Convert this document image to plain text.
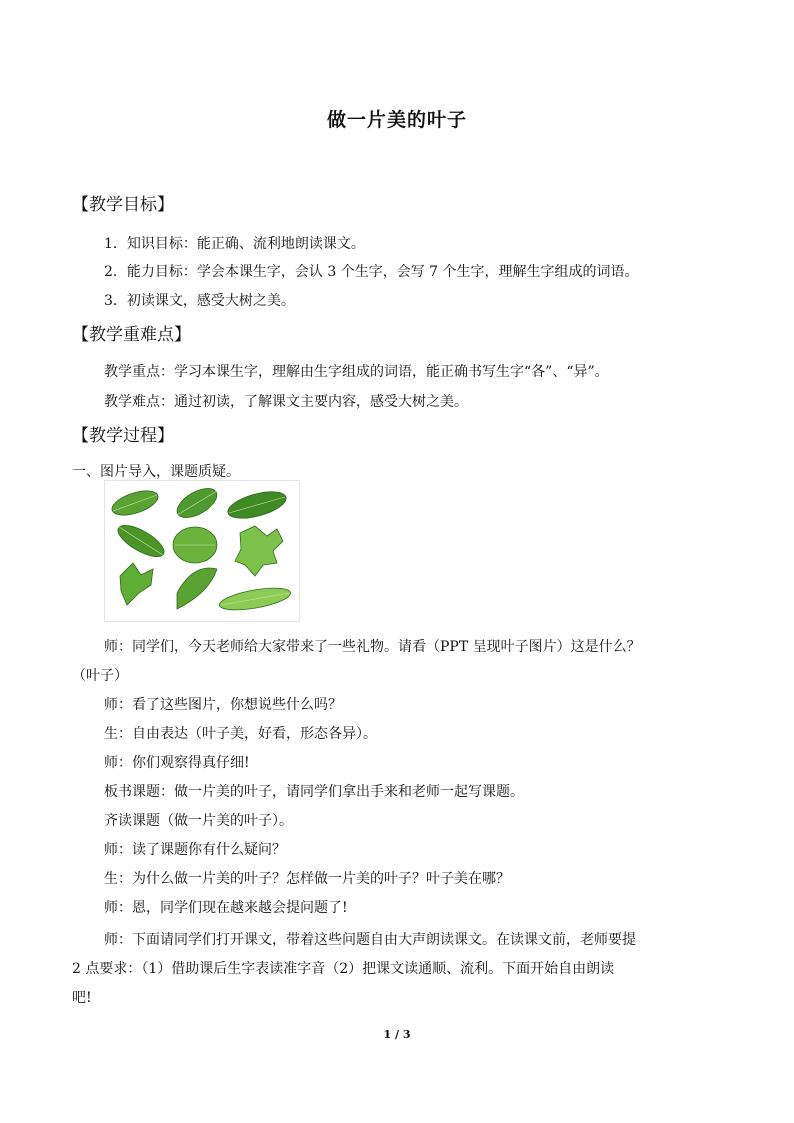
做一片美的叶子
【教学目标】
1．知识目标：能正确、流利地朗读课文。
2．能力目标：学会本课生字，会认 3 个生字，会写 7 个生字，理解生字组成的词语。
3．初读课文，感受大树之美。
【教学重难点】
教学重点：学习本课生字，理解由生字组成的词语，能正确书写生字“各”、“异”。
教学难点：通过初读，了解课文主要内容，感受大树之美。
【教学过程】
一、图片导入，课题质疑。
师：同学们，今天老师给大家带来了一些礼物。请看（PPT 呈现叶子图片）这是什么？
（叶子）
师：看了这些图片，你想说些什么吗？
生：自由表达（叶子美，好看，形态各异）。
师：你们观察得真仔细!
板书课题：做一片美的叶子，请同学们拿出手来和老师一起写课题。
齐读课题（做一片美的叶子）。
师：读了课题你有什么疑问？
生：为什么做一片美的叶子？怎样做一片美的叶子？叶子美在哪？
师：恩，同学们现在越来越会提问题了!
师：下面请同学们打开课文，带着这些问题自由大声朗读课文。在读课文前，老师要提
2 点要求：（1）借助课后生字表读准字音（2）把课文读通顺、流利。下面开始自由朗读
吧!
1 / 3
